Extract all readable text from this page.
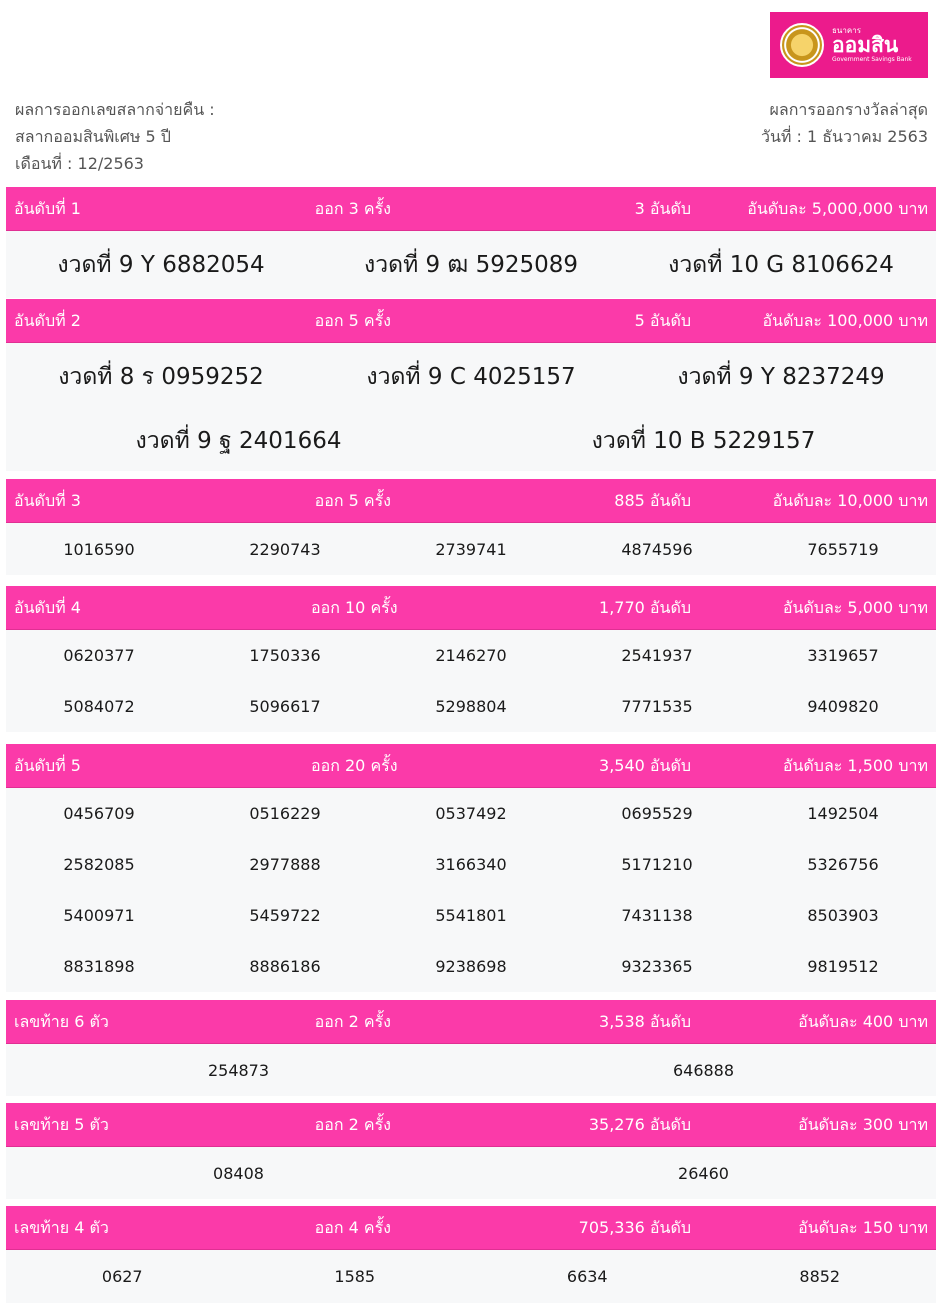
ธนาคาร
ออมสิน
Government Savings Bank
ผลการออกเลขสลากจ่ายคืน :
สลากออมสินพิเศษ 5 ปี
เดือนที่ : 12/2563
ผลการออกรางวัลล่าสุด
วันที่ : 1 ธันวาคม 2563
อันดับที่ 1	ออก 3 ครั้ง	3 อันดับ	อันดับละ 5,000,000 บาท
งวดที่ 9 Y 6882054	งวดที่ 9 ฒ 5925089	งวดที่ 10 G 8106624
อันดับที่ 2	ออก 5 ครั้ง	5 อันดับ	อันดับละ 100,000 บาท
งวดที่ 8 ร 0959252	งวดที่ 9 C 4025157	งวดที่ 9 Y 8237249
งวดที่ 9 ฐ 2401664	งวดที่ 10 B 5229157
อันดับที่ 3	ออก 5 ครั้ง	885 อันดับ	อันดับละ 10,000 บาท
1016590	2290743	2739741	4874596	7655719
อันดับที่ 4	ออก 10 ครั้ง	1,770 อันดับ	อันดับละ 5,000 บาท
0620377	1750336	2146270	2541937	3319657
5084072	5096617	5298804	7771535	9409820
อันดับที่ 5	ออก 20 ครั้ง	3,540 อันดับ	อันดับละ 1,500 บาท
0456709	0516229	0537492	0695529	1492504
2582085	2977888	3166340	5171210	5326756
5400971	5459722	5541801	7431138	8503903
8831898	8886186	9238698	9323365	9819512
เลขท้าย 6 ตัว	ออก 2 ครั้ง	3,538 อันดับ	อันดับละ 400 บาท
254873	646888
เลขท้าย 5 ตัว	ออก 2 ครั้ง	35,276 อันดับ	อันดับละ 300 บาท
08408	26460
เลขท้าย 4 ตัว	ออก 4 ครั้ง	705,336 อันดับ	อันดับละ 150 บาท
0627	1585	6634	8852
